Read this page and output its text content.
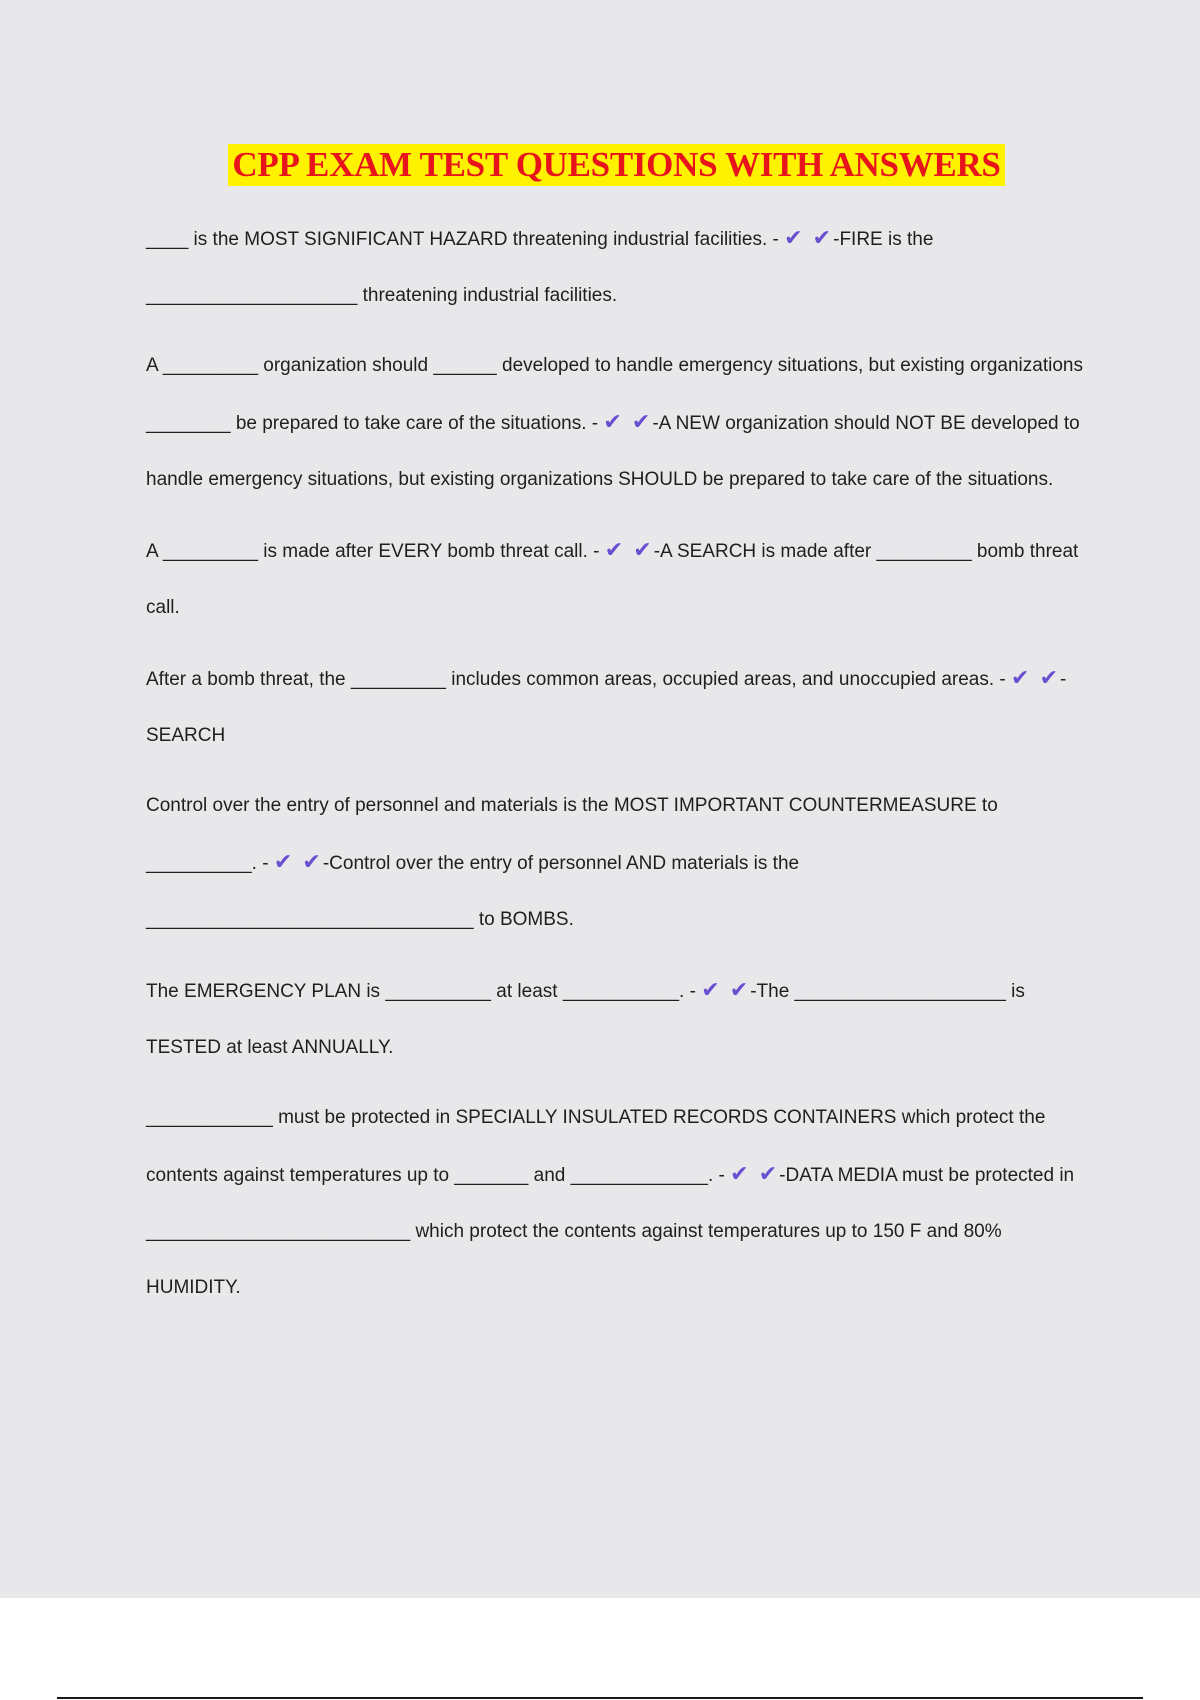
CPP EXAM TEST QUESTIONS WITH ANSWERS

____ is the MOST SIGNIFICANT HAZARD threatening industrial facilities. - ✔ ✔-FIRE is the ____________________ threatening industrial facilities.

A _________ organization should ______ developed to handle emergency situations, but existing organizations ________ be prepared to take care of the situations. - ✔ ✔-A NEW organization should NOT BE developed to handle emergency situations, but existing organizations SHOULD be prepared to take care of the situations.

A _________ is made after EVERY bomb threat call. - ✔ ✔-A SEARCH is made after _________ bomb threat call.

After a bomb threat, the _________ includes common areas, occupied areas, and unoccupied areas. - ✔ ✔-SEARCH

Control over the entry of personnel and materials is the MOST IMPORTANT COUNTERMEASURE to __________. - ✔ ✔-Control over the entry of personnel AND materials is the _______________________________ to BOMBS.

The EMERGENCY PLAN is __________ at least ___________. - ✔ ✔-The ____________________ is TESTED at least ANNUALLY.

____________ must be protected in SPECIALLY INSULATED RECORDS CONTAINERS which protect the contents against temperatures up to _______ and _____________. - ✔ ✔-DATA MEDIA must be protected in _________________________ which protect the contents against temperatures up to 150 F and 80% HUMIDITY.
